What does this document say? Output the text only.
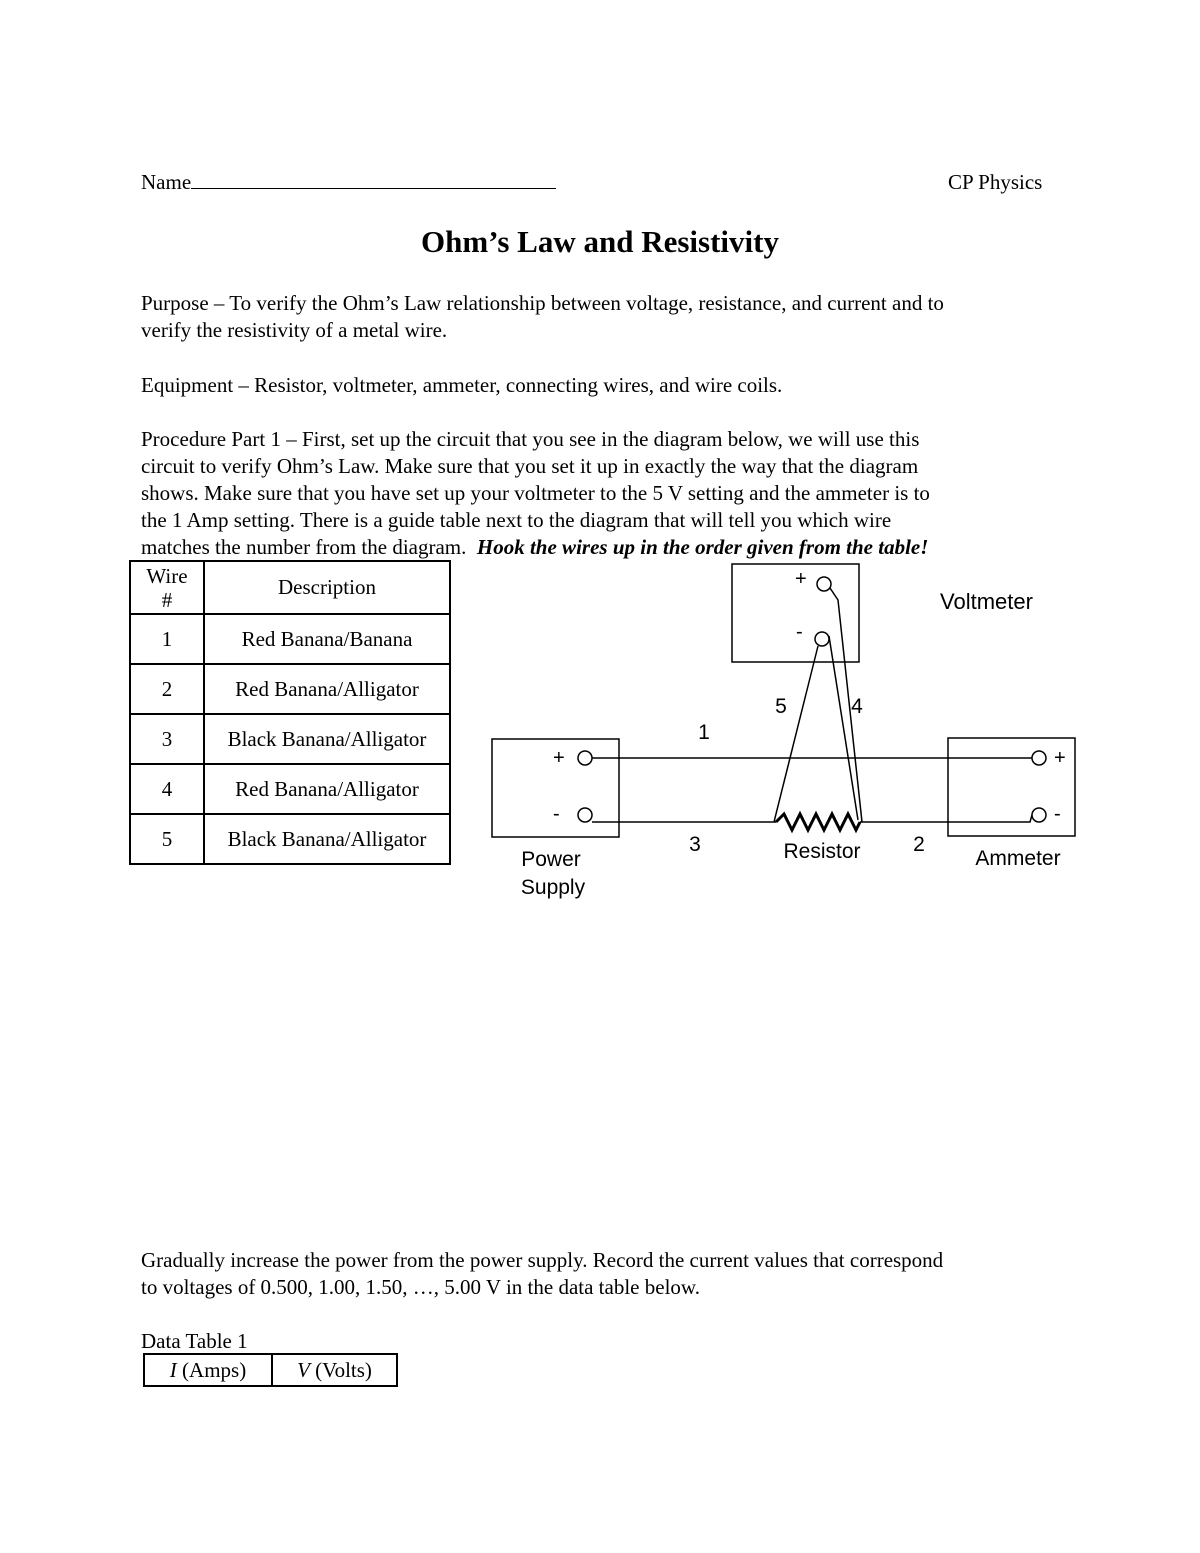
Name	CP Physics
Ohm’s Law and Resistivity
Purpose – To verify the Ohm’s Law relationship between voltage, resistance, and current and to
verify the resistivity of a metal wire.
Equipment – Resistor, voltmeter, ammeter, connecting wires, and wire coils.
Procedure Part 1 – First, set up the circuit that you see in the diagram below, we will use this
circuit to verify Ohm’s Law. Make sure that you set it up in exactly the way that the diagram
shows. Make sure that you have set up your voltmeter to the 5 V setting and the ammeter is to
the 1 Amp setting. There is a guide table next to the diagram that will tell you which wire
matches the number from the diagram. Hook the wires up in the order given from the table!
Wire
#	Description
1	Red Banana/Banana
2	Red Banana/Alligator
3	Black Banana/Alligator
4	Red Banana/Alligator
5	Black Banana/Alligator
Voltmeter
+
-
+
-
+
-
Power
Supply
Resistor	Ammeter
1
2
3
4
5
Gradually increase the power from the power supply. Record the current values that correspond
to voltages of 0.500, 1.00, 1.50, …, 5.00 V in the data table below.
Data Table 1
I (Amps)	V (Volts)
